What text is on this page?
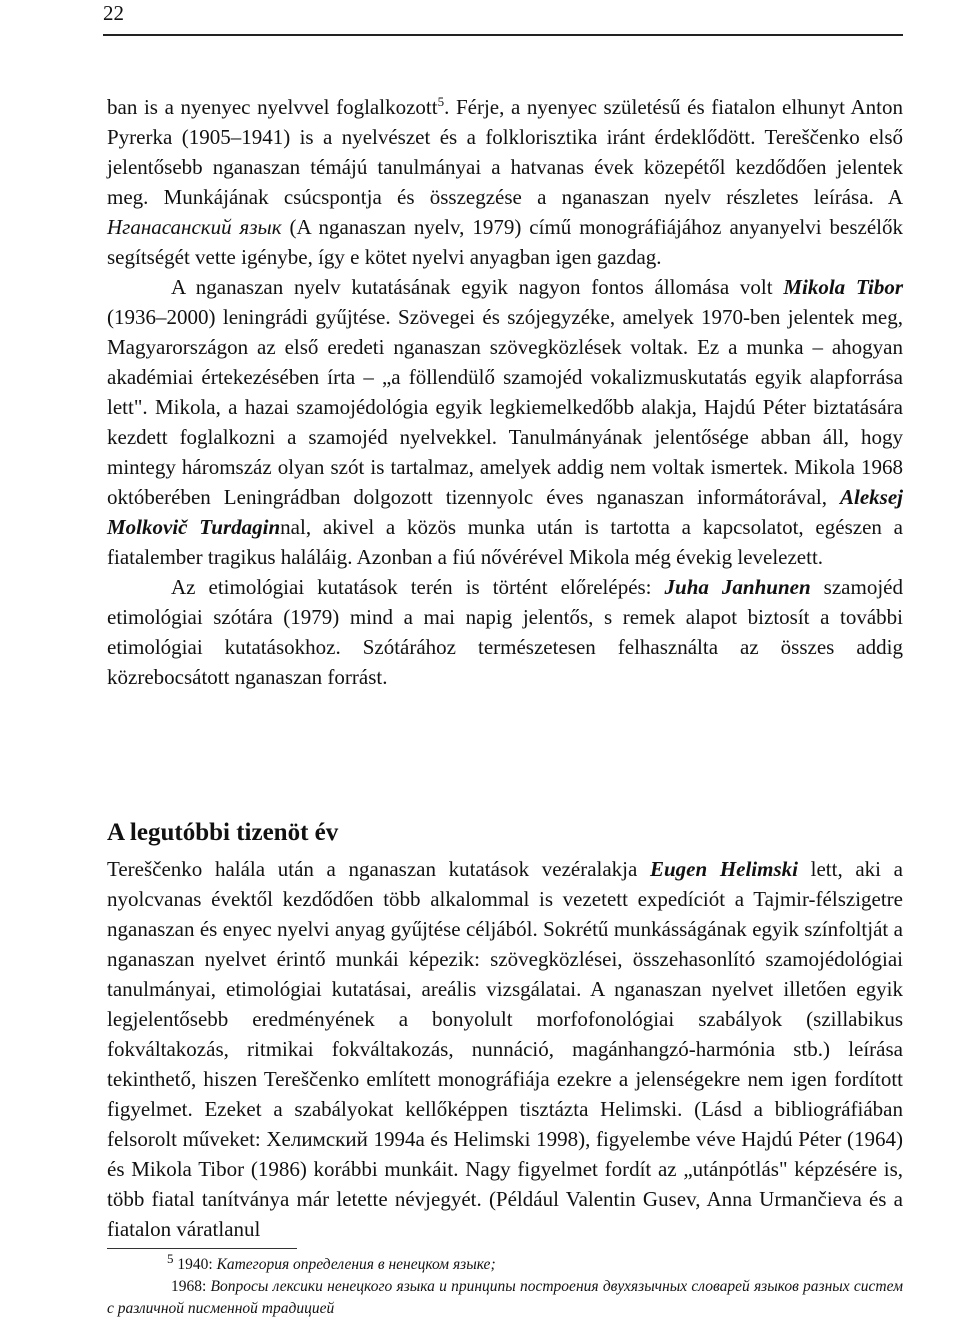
22

ban is a nyenyec nyelvvel foglalkozott$^5$. Férje, a nyenyec születésű és fiatalon elhunyt Anton Pyrerka (1905–1941) is a nyelvészet és a folklorisztika iránt érdeklődött. Tereščenko első jelentősebb nganaszan témájú tanulmányai a hatvanas évek közepétől kezdődően jelentek meg. Munkájának csúcspontja és összegzése a nganaszan nyelv részletes leírása. A Нганасанский язык (A nganaszan nyelv, 1979) című monográfiájához anyanyelvi beszélők segítségét vette igénybe, így e kötet nyelvi anyagban igen gazdag.

A nganaszan nyelv kutatásának egyik nagyon fontos állomása volt Mikola Tibor (1936–2000) leningrádi gyűjtése. Szövegei és szójegyzéke, amelyek 1970-ben jelentek meg, Magyarországon az első eredeti nganaszan szövegközlések voltak. Ez a munka – ahogyan akadémiai értekezésében írta – „a föllendülő szamojéd vokalizmuskutatás egyik alapforrása lett". Mikola, a hazai szamojédológia egyik legkiemelkedőbb alakja, Hajdú Péter biztatására kezdett foglalkozni a szamojéd nyelvekkel. Tanulmányának jelentősége abban áll, hogy mintegy háromszáz olyan szót is tartalmaz, amelyek addig nem voltak ismertek. Mikola 1968 októberében Leningrádban dolgozott tizennyolc éves nganaszan informátorával, Aleksej Molkovič Turdaginnal, akivel a közös munka után is tartotta a kapcsolatot, egészen a fiatalember tragikus haláláig. Azonban a fiú nővérével Mikola még évekig levelezett.

Az etimológiai kutatások terén is történt előrelépés: Juha Janhunen szamojéd etimológiai szótára (1979) mind a mai napig jelentős, s remek alapot biztosít a további etimológiai kutatásokhoz. Szótárához természetesen felhasználta az összes addig közrebocsátott nganaszan forrást.

A legutóbbi tizenöt év

Tereščenko halála után a nganaszan kutatások vezéralakja Eugen Helimski lett, aki a nyolcvanas évektől kezdődően több alkalommal is vezetett expedíciót a Tajmir-félszigetre nganaszan és enyec nyelvi anyag gyűjtése céljából. Sokrétű munkásságának egyik színfoltját a nganaszan nyelvet érintő munkái képezik: szövegközlései, összehasonlító szamojédológiai tanulmányai, etimológiai kutatásai, areális vizsgálatai. A nganaszan nyelvet illetően egyik legjelentősebb eredményének a bonyolult morfofonológiai szabályok (szillabikus fokváltakozás, ritmikai fokváltakozás, nunnáció, magánhangzó-harmónia stb.) leírása tekinthető, hiszen Tereščenko említett monográfiája ezekre a jelenségekre nem igen fordított figyelmet. Ezeket a szabályokat kellőképpen tisztázta Helimski. (Lásd a bibliográfiában felsorolt műveket: Хелимский 1994a és Helimski 1998), figyelembe véve Hajdú Péter (1964) és Mikola Tibor (1986) korábbi munkáit. Nagy figyelmet fordít az „utánpótlás" képzésére is, több fiatal tanítványa már letette névjegyét. (Például Valentin Gusev, Anna Urmančieva és a fiatalon váratlanul

$^5$ 1940: Категория определения в ненецком языке;

1968: Вопросы лексики ненецкогo языка и принципы построения двухязычных словарей языков разных систем с различной писменной традицией
